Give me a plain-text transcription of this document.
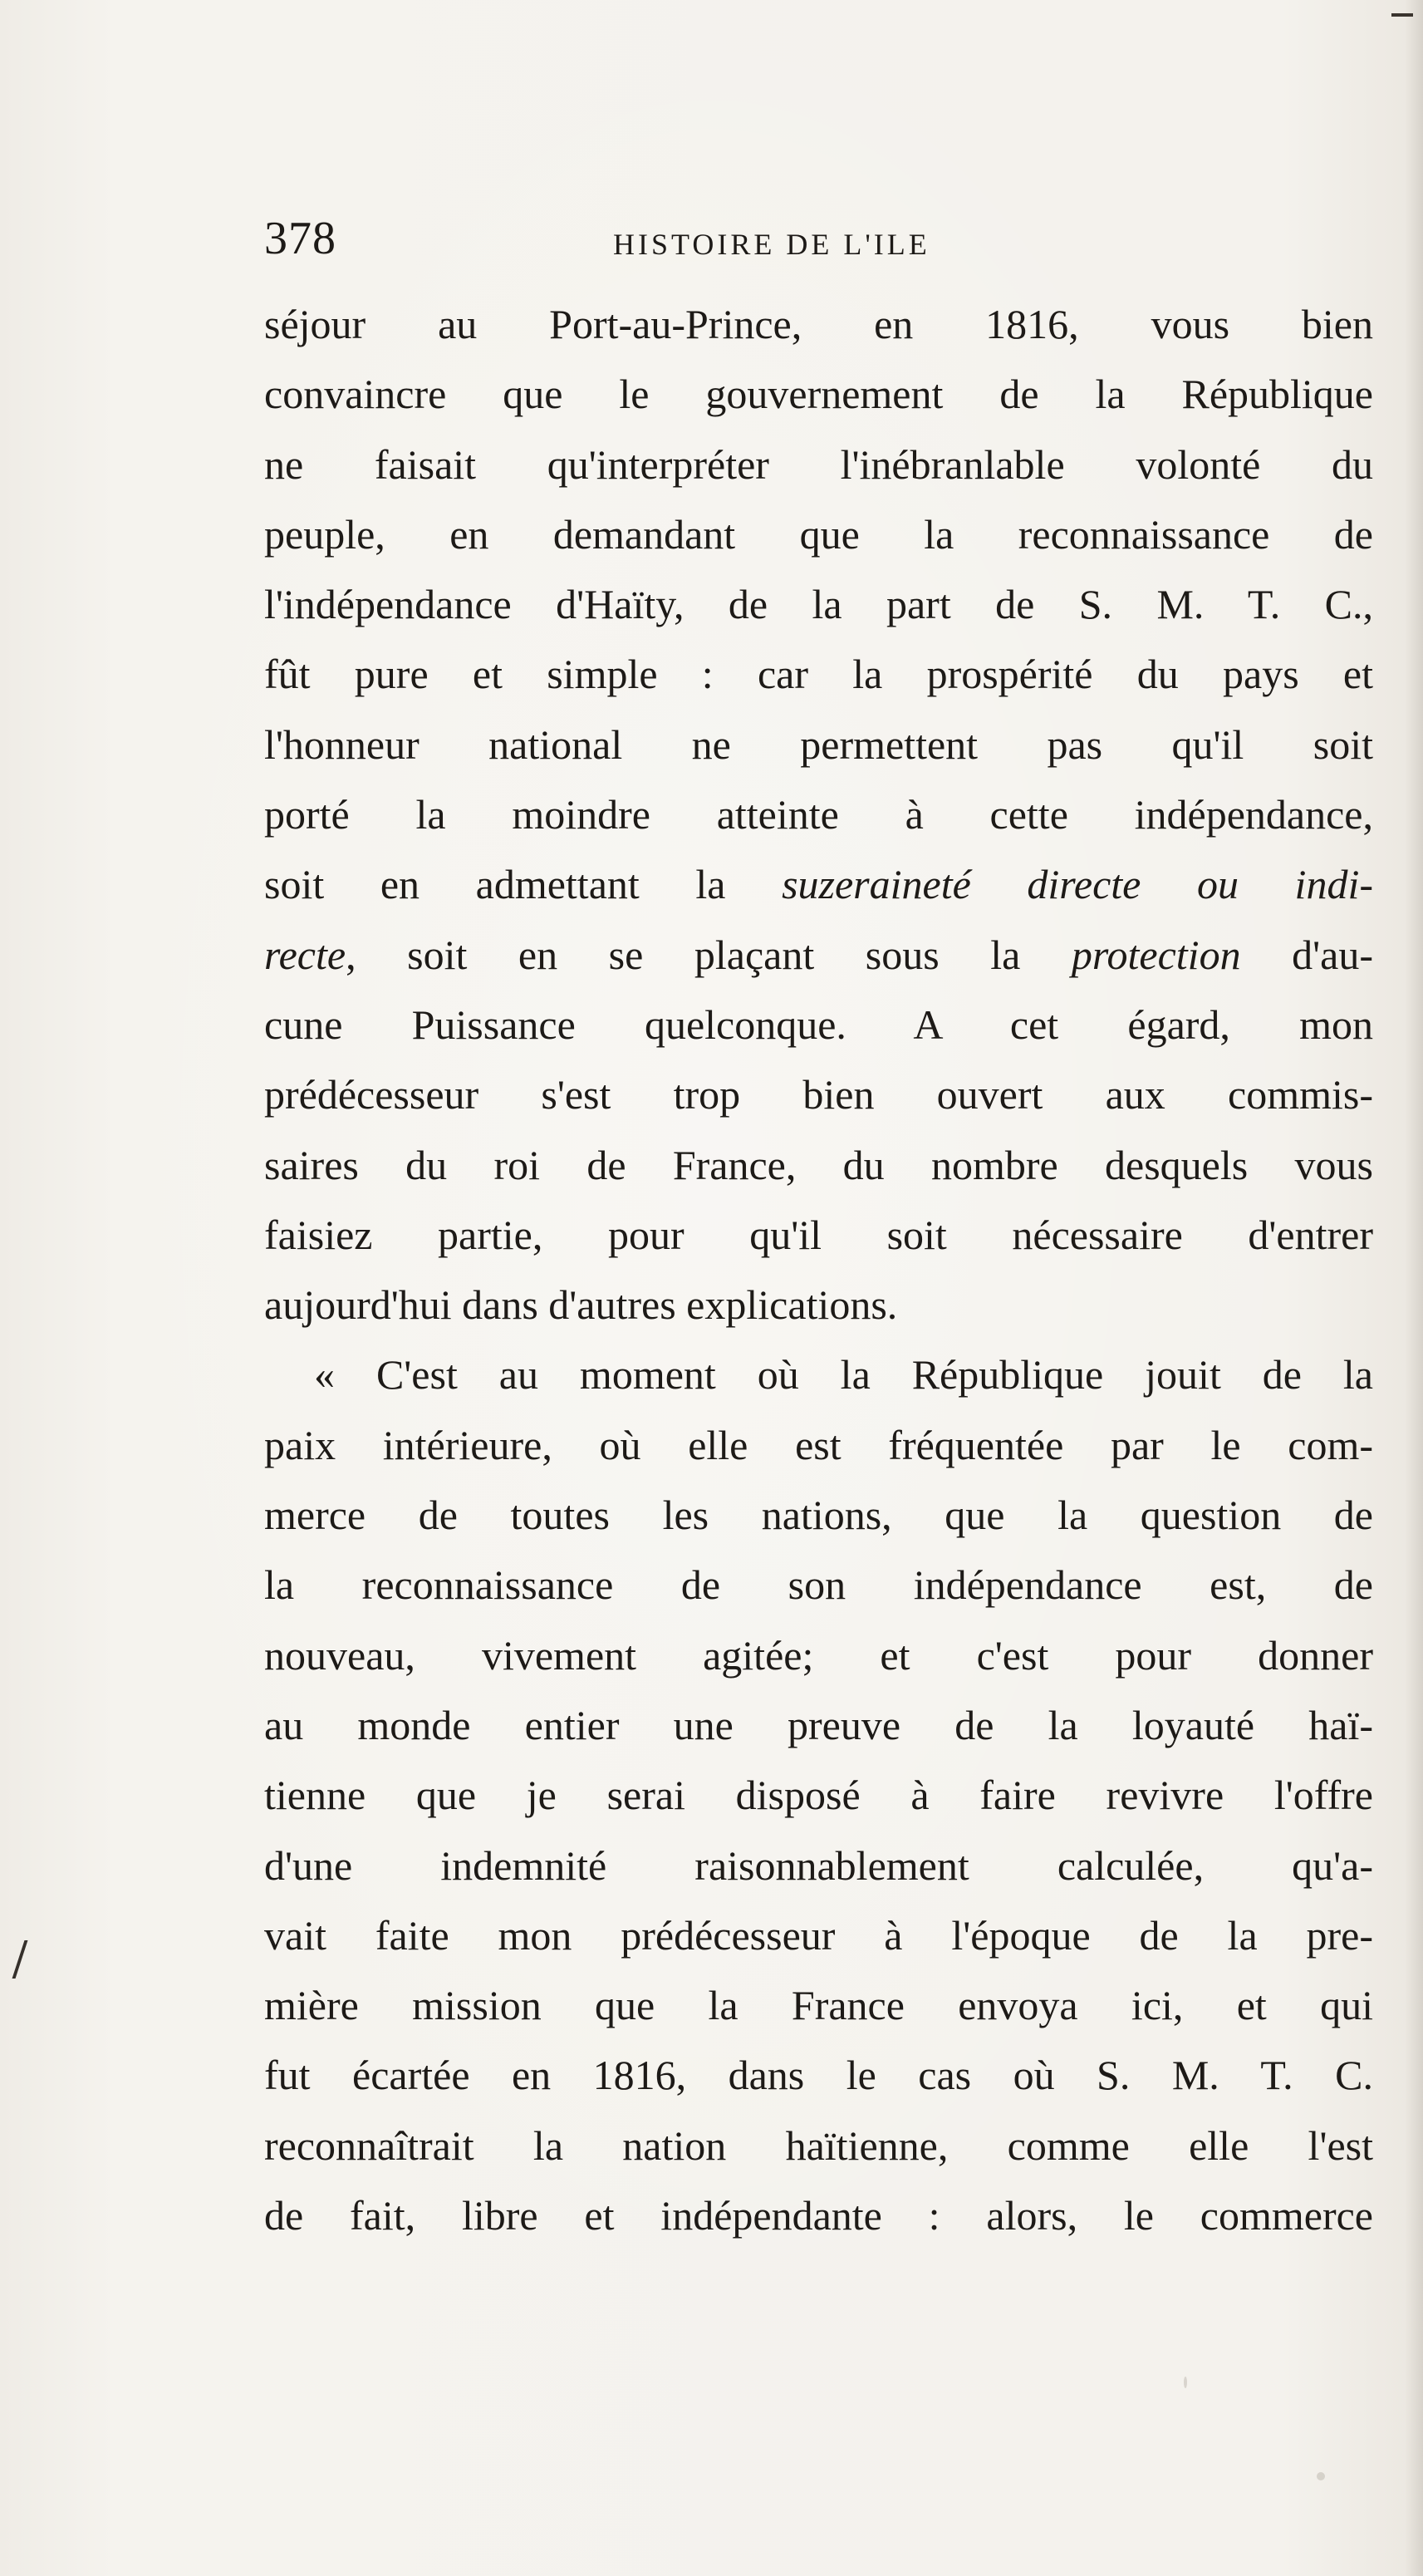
378	HISTOIRE DE L'ILE
séjour au Port-au-Prince, en 1816, vous bien
convaincre que le gouvernement de la République
ne faisait qu'interpréter l'inébranlable volonté du
peuple, en demandant que la reconnaissance de
l'indépendance d'Haïty, de la part de S. M. T. C.,
fût pure et simple : car la prospérité du pays et
l'honneur national ne permettent pas qu'il soit
porté la moindre atteinte à cette indépendance,
soit en admettant la suzeraineté directe ou indi-
recte, soit en se plaçant sous la protection d'au-
cune Puissance quelconque. A cet égard, mon
prédécesseur s'est trop bien ouvert aux commis-
saires du roi de France, du nombre desquels vous
faisiez partie, pour qu'il soit nécessaire d'entrer
aujourd'hui dans d'autres explications.
« C'est au moment où la République jouit de la
paix intérieure, où elle est fréquentée par le com-
merce de toutes les nations, que la question de
la reconnaissance de son indépendance est, de
nouveau, vivement agitée; et c'est pour donner
au monde entier une preuve de la loyauté haï-
tienne que je serai disposé à faire revivre l'offre
d'une indemnité raisonnablement calculée, qu'a-
vait faite mon prédécesseur à l'époque de la pre-
mière mission que la France envoya ici, et qui
fut écartée en 1816, dans le cas où S. M. T. C.
reconnaîtrait la nation haïtienne, comme elle l'est
de fait, libre et indépendante : alors, le commerce
